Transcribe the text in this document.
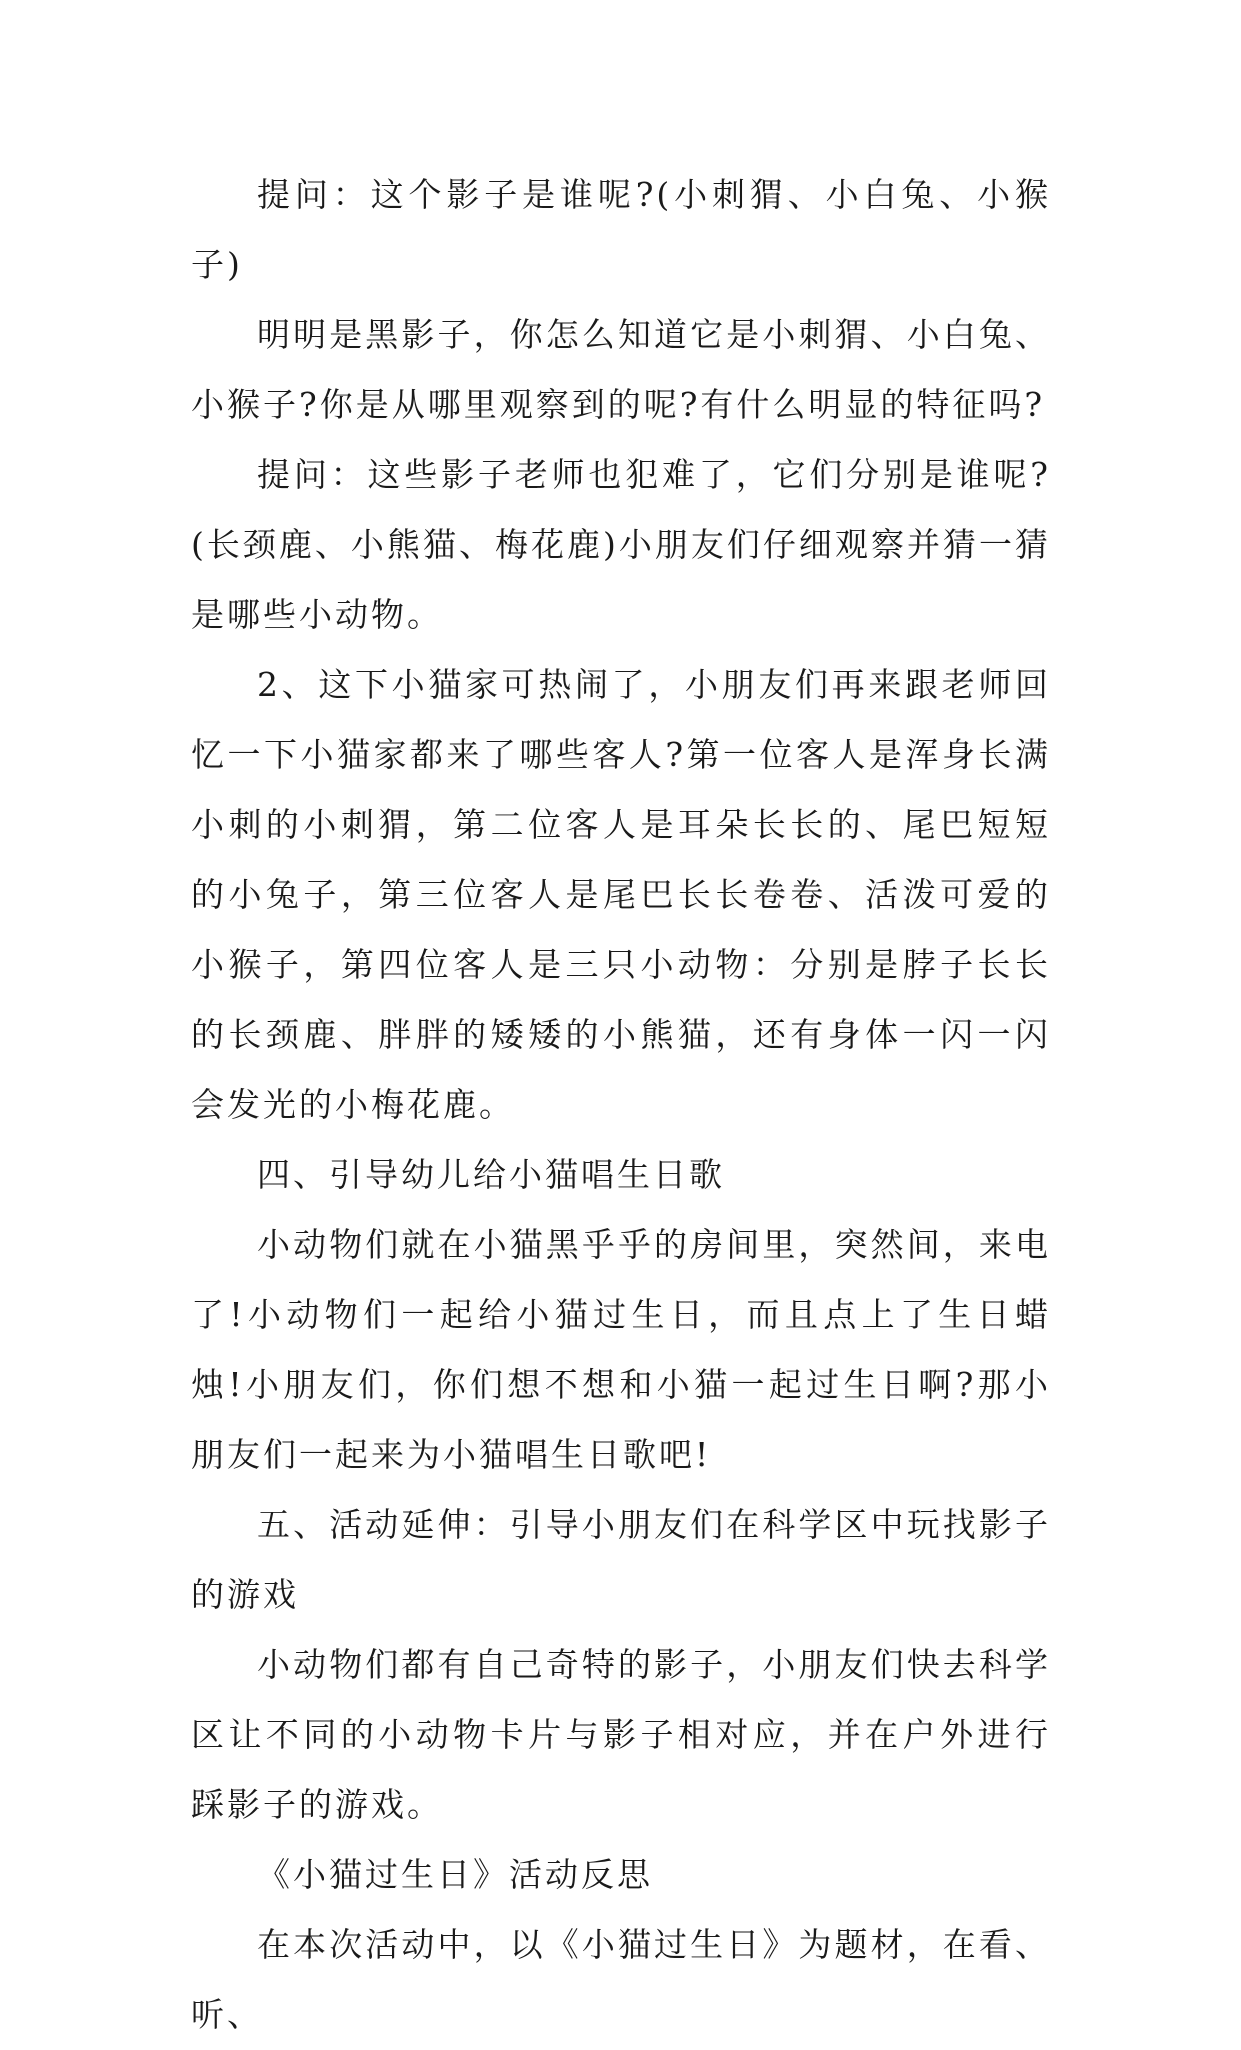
提问：这个影子是谁呢?(小刺猬、小白兔、小猴子)

明明是黑影子，你怎么知道它是小刺猬、小白兔、小猴子?你是从哪里观察到的呢?有什么明显的特征吗?

提问：这些影子老师也犯难了，它们分别是谁呢?(长颈鹿、小熊猫、梅花鹿)小朋友们仔细观察并猜一猜是哪些小动物。

2、这下小猫家可热闹了，小朋友们再来跟老师回忆一下小猫家都来了哪些客人?第一位客人是浑身长满小刺的小刺猬，第二位客人是耳朵长长的、尾巴短短的小兔子，第三位客人是尾巴长长卷卷、活泼可爱的小猴子，第四位客人是三只小动物：分别是脖子长长的长颈鹿、胖胖的矮矮的小熊猫，还有身体一闪一闪会发光的小梅花鹿。

四、引导幼儿给小猫唱生日歌

小动物们就在小猫黑乎乎的房间里，突然间，来电了!小动物们一起给小猫过生日，而且点上了生日蜡烛!小朋友们，你们想不想和小猫一起过生日啊?那小朋友们一起来为小猫唱生日歌吧!

五、活动延伸：引导小朋友们在科学区中玩找影子的游戏

小动物们都有自己奇特的影子，小朋友们快去科学区让不同的小动物卡片与影子相对应，并在户外进行踩影子的游戏。

《小猫过生日》活动反思

在本次活动中，以《小猫过生日》为题材，在看、听、
